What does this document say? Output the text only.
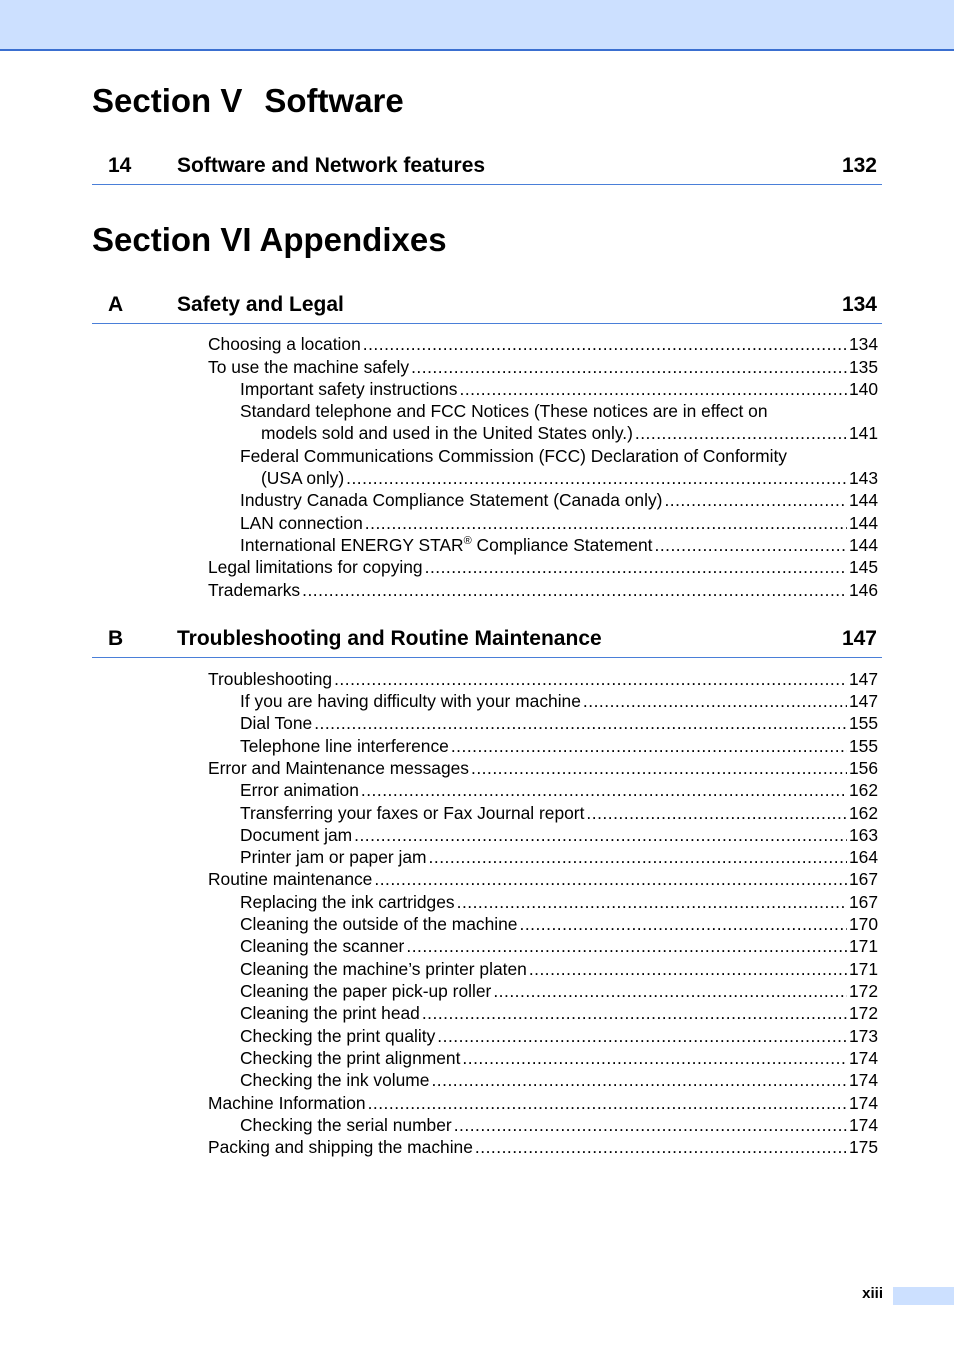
Section V Software
14 Software and Network features	132
Section VI Appendixes
A	Safety and Legal	134
Choosing a location .....	134
To use the machine safely .....	135
Important safety instructions .....	140
Standard telephone and FCC Notices (These notices are in effect on
models sold and used in the United States only.) .....	141
Federal Communications Commission (FCC) Declaration of Conformity
(USA only) .....	143
Industry Canada Compliance Statement (Canada only) .....	144
LAN connection .....	144
International ENERGY STAR® Compliance Statement .....	144
Legal limitations for copying .....	145
Trademarks .....	146
B	Troubleshooting and Routine Maintenance	147
Troubleshooting .....	147
If you are having difficulty with your machine .....	147
Dial Tone .....	155
Telephone line interference .....	155
Error and Maintenance messages .....	156
Error animation .....	162
Transferring your faxes or Fax Journal report .....	162
Document jam .....	163
Printer jam or paper jam .....	164
Routine maintenance .....	167
Replacing the ink cartridges .....	167
Cleaning the outside of the machine .....	170
Cleaning the scanner .....	171
Cleaning the machine’s printer platen .....	171
Cleaning the paper pick-up roller .....	172
Cleaning the print head .....	172
Checking the print quality .....	173
Checking the print alignment .....	174
Checking the ink volume .....	174
Machine Information .....	174
Checking the serial number .....	174
Packing and shipping the machine .....	175
xiii
